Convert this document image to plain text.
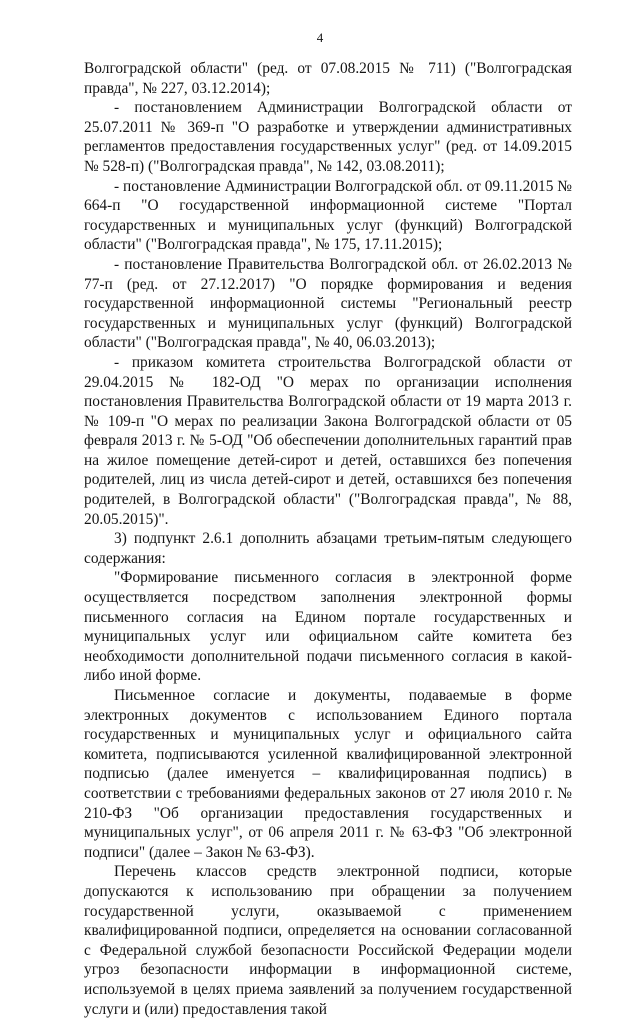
4

Волгоградской области" (ред. от 07.08.2015 № 711) ("Волгоградская правда", № 227, 03.12.2014);

- постановлением Администрации Волгоградской области от 25.07.2011 № 369-п "О разработке и утверждении административных регламентов предоставления государственных услуг" (ред. от 14.09.2015 № 528-п) ("Волгоградская правда", № 142, 03.08.2011);

- постановление Администрации Волгоградской обл. от 09.11.2015 № 664-п "О государственной информационной системе "Портал государственных и муниципальных услуг (функций) Волгоградской области" ("Волгоградская правда", № 175, 17.11.2015);

- постановление Правительства Волгоградской обл. от 26.02.2013 № 77-п (ред. от 27.12.2017) "О порядке формирования и ведения государственной информационной системы "Региональный реестр государственных и муниципальных услуг (функций) Волгоградской области" ("Волгоградская правда", № 40, 06.03.2013);

- приказом комитета строительства Волгоградской области от 29.04.2015 № 182-ОД "О мерах по организации исполнения постановления Правительства Волгоградской области от 19 марта 2013 г. № 109-п "О мерах по реализации Закона Волгоградской области от 05 февраля 2013 г. № 5-ОД "Об обеспечении дополнительных гарантий прав на жилое помещение детей-сирот и детей, оставшихся без попечения родителей, лиц из числа детей-сирот и детей, оставшихся без попечения родителей, в Волгоградской области" ("Волгоградская правда", № 88, 20.05.2015)".

3) подпункт 2.6.1 дополнить абзацами третьим-пятым следующего содержания:

"Формирование письменного согласия в электронной форме осуществляется посредством заполнения электронной формы письменного согласия на Едином портале государственных и муниципальных услуг или официальном сайте комитета без необходимости дополнительной подачи письменного согласия в какой-либо иной форме.

Письменное согласие и документы, подаваемые в форме электронных документов с использованием Единого портала государственных и муниципальных услуг и официального сайта комитета, подписываются усиленной квалифицированной электронной подписью (далее именуется – квалифицированная подпись) в соответствии с требованиями федеральных законов от 27 июля 2010 г. № 210-ФЗ "Об организации предоставления государственных и муниципальных услуг", от 06 апреля 2011 г. № 63-ФЗ "Об электронной подписи" (далее – Закон № 63-ФЗ).

Перечень классов средств электронной подписи, которые допускаются к использованию при обращении за получением государственной услуги, оказываемой с применением квалифицированной подписи, определяется на основании согласованной с Федеральной службой безопасности Российской Федерации модели угроз безопасности информации в информационной системе, используемой в целях приема заявлений за получением государственной услуги и (или) предоставления такой
